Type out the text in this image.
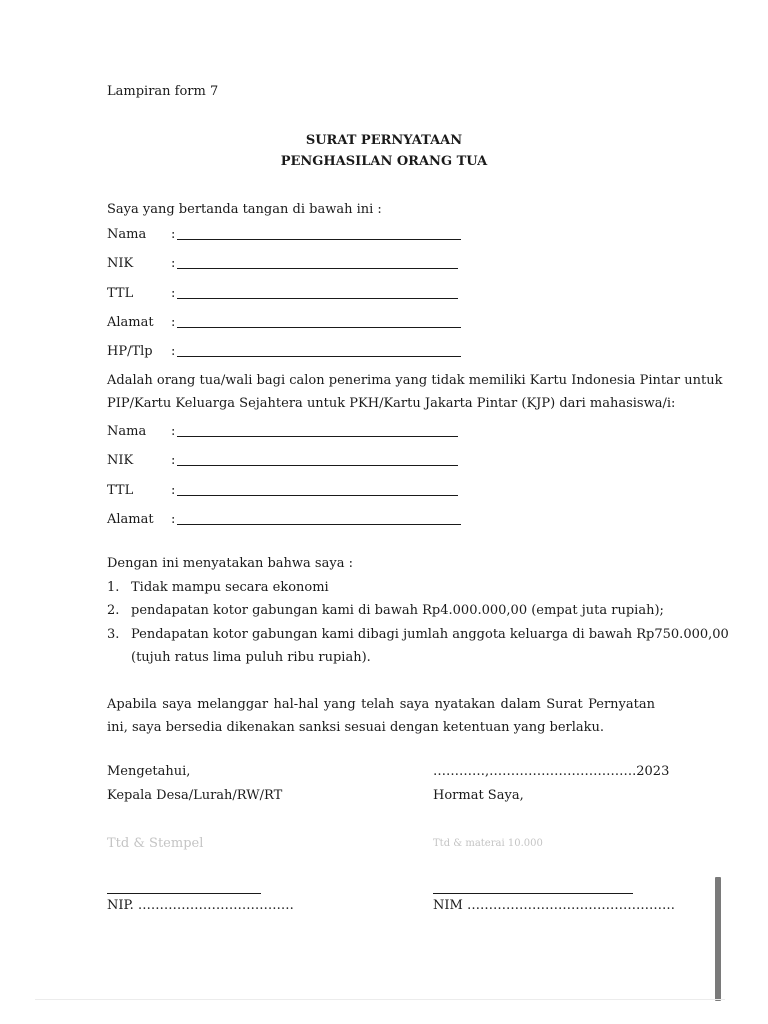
Lampiran form 7
SURAT PERNYATAAN
PENGHASILAN ORANG TUA
Saya yang bertanda tangan di bawah ini :
Nama :
NIK	:
TTL	:
Alamat :
HP/Tlp :
Adalah orang tua/wali bagi calon penerima yang tidak memiliki Kartu Indonesia Pintar untuk
PIP/Kartu Keluarga Sejahtera untuk PKH/Kartu Jakarta Pintar (KJP) dari mahasiswa/i:
Nama :
NIK	:
TTL	:
Alamat :
Dengan ini menyatakan bahwa saya :
1. Tidak mampu secara ekonomi
2. pendapatan kotor gabungan kami di bawah Rp4.000.000,00 (empat juta rupiah);
3. Pendapatan kotor gabungan kami dibagi jumlah anggota keluarga di bawah Rp750.000,00
(tujuh ratus lima puluh ribu rupiah).
Apabila saya melanggar hal-hal yang telah saya nyatakan dalam Surat Pernyatan ini, saya bersedia dikenakan sanksi sesuai dengan ketentuan yang berlaku.
Mengetahui,
Kepala Desa/Lurah/RW/RT
Ttd & Stempel
NIP. ………………………………
…………,…………………………….2023
Hormat Saya,
Ttd & materai 10.000
NIM …………………………………………
